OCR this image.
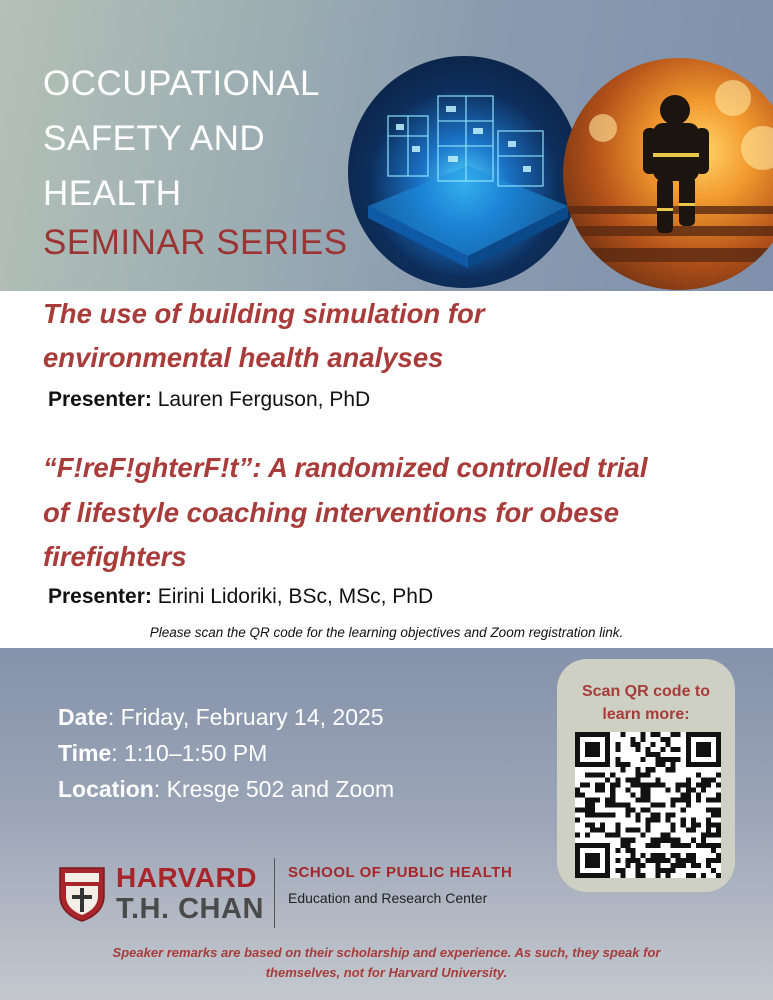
OCCUPATIONAL
SAFETY AND
HEALTH
SEMINAR SERIES
The use of building simulation for
environmental health analyses
Presenter: Lauren Ferguson, PhD
“F!reF!ghterF!t”: A randomized controlled trial
of lifestyle coaching interventions for obese
firefighters
Presenter: Eirini Lidoriki, BSc, MSc, PhD
Please scan the QR code for the learning objectives and Zoom registration link.
Date: Friday, February 14, 2025
Time: 1:10–1:50 PM
Location: Kresge 502 and Zoom
Scan QR code to
learn more:
HARVARD
T.H. CHAN
SCHOOL OF PUBLIC HEALTH
Education and Research Center
Speaker remarks are based on their scholarship and experience. As such, they speak for
themselves, not for Harvard University.
